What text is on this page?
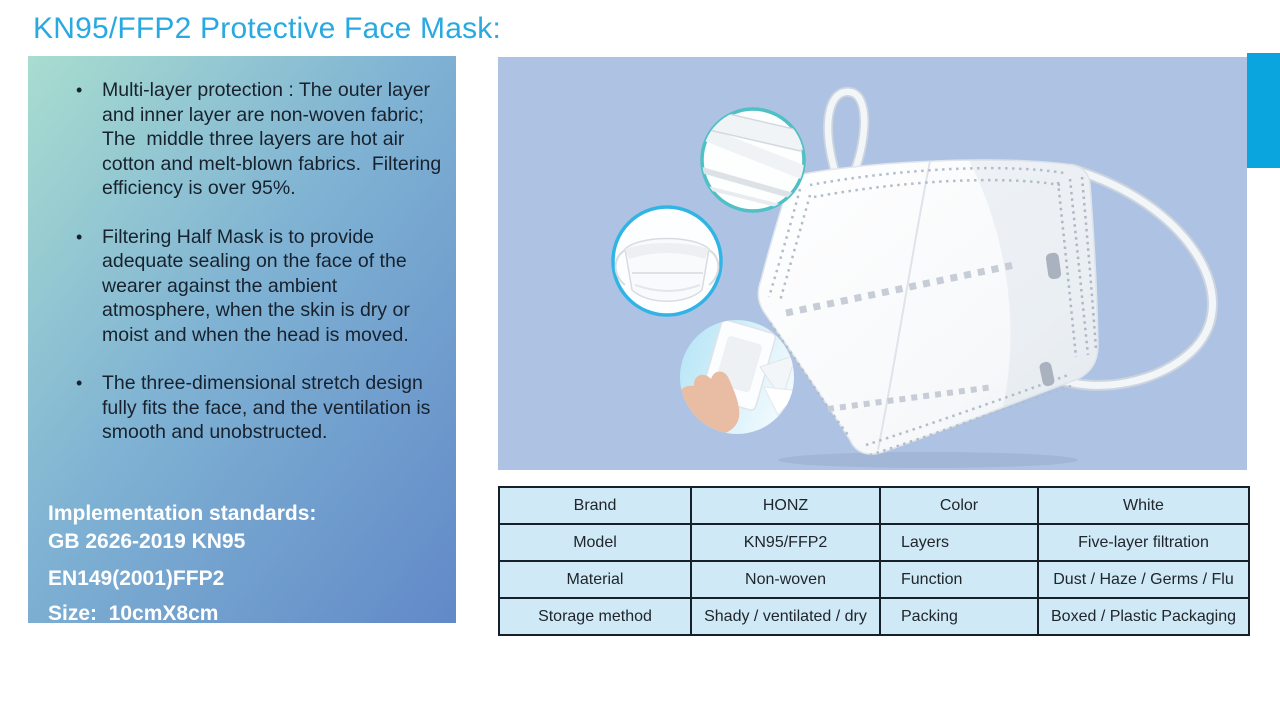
KN95/FFP2 Protective Face Mask:
• Multi-layer protection : The outer layer and inner layer are non-woven fabric; The  middle three layers are hot air cotton and melt-blown fabrics.  Filtering efficiency is over 95%.
• Filtering Half Mask is to provide adequate sealing on the face of the wearer against the ambient atmosphere, when the skin is dry or moist and when the head is moved.
• The three-dimensional stretch design fully fits the face, and the ventilation is smooth and unobstructed.
Implementation standards:
GB 2626-2019 KN95
EN149(2001)FFP2
Size:  10cmX8cm
Brand	HONZ	Color	White
Model	KN95/FFP2	Layers	Five-layer filtration
Material	Non-woven	Function	Dust / Haze / Germs / Flu
Storage method	Shady / ventilated / dry	Packing	Boxed / Plastic Packaging
